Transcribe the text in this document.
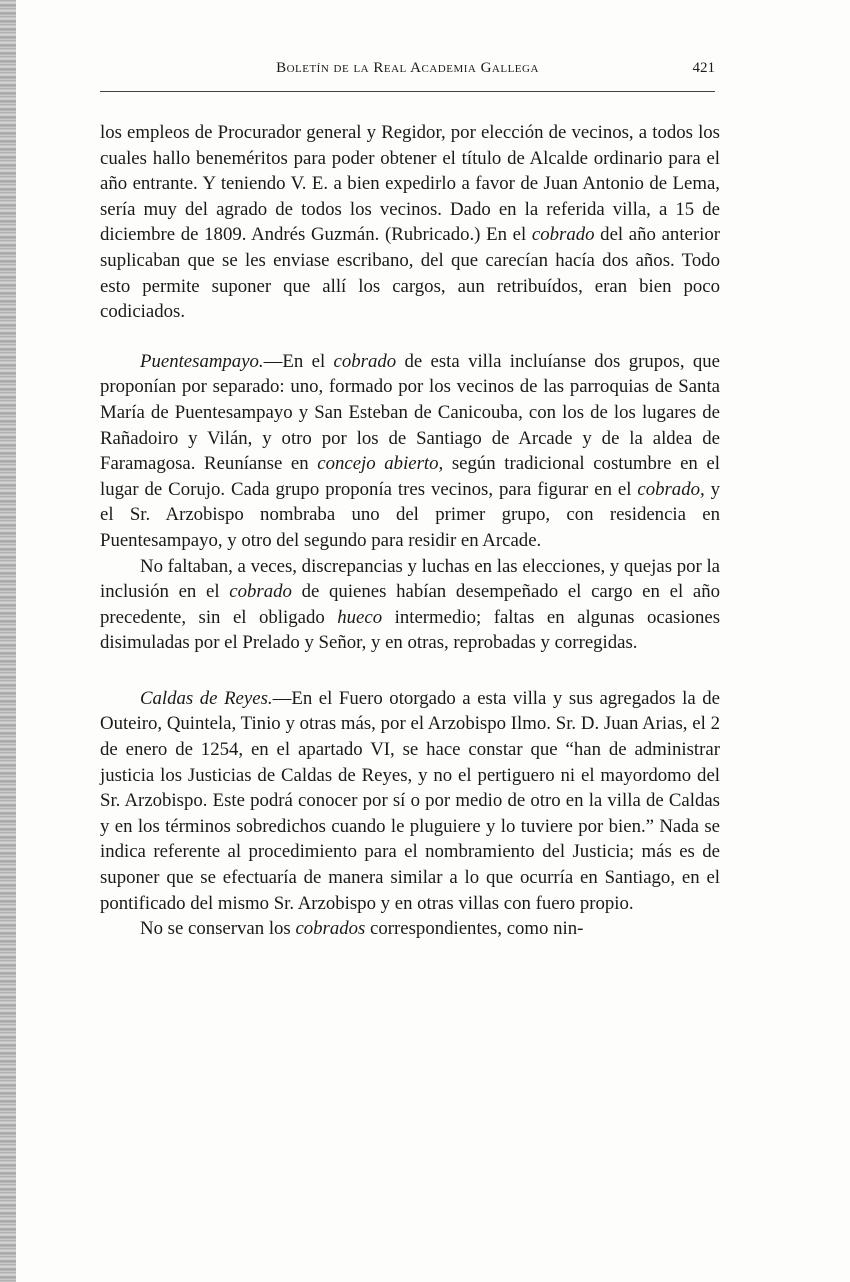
Boletín de la Real Academia Gallega	421

los empleos de Procurador general y Regidor, por elección de vecinos, a todos los cuales hallo beneméritos para poder obtener el título de Alcalde ordinario para el año entrante. Y teniendo V. E. a bien expedirlo a favor de Juan Antonio de Lema, sería muy del agrado de todos los vecinos. Dado en la referida villa, a 15 de diciembre de 1809. Andrés Guzmán. (Rubricado.) En el cobrado del año anterior suplicaban que se les enviase escribano, del que carecían hacía dos años. Todo esto permite suponer que allí los cargos, aun retribuídos, eran bien poco codiciados.

Puentesampayo.—En el cobrado de esta villa incluíanse dos grupos, que proponían por separado: uno, formado por los vecinos de las parroquias de Santa María de Puentesampayo y San Esteban de Canicouba, con los de los lugares de Rañadoiro y Vilán, y otro por los de Santiago de Arcade y de la aldea de Faramagosa. Reuníanse en concejo abierto, según tradicional costumbre en el lugar de Corujo. Cada grupo proponía tres vecinos, para figurar en el cobrado, y el Sr. Arzobispo nombraba uno del primer grupo, con residencia en Puentesampayo, y otro del segundo para residir en Arcade.

No faltaban, a veces, discrepancias y luchas en las elecciones, y quejas por la inclusión en el cobrado de quienes habían desempeñado el cargo en el año precedente, sin el obligado hueco intermedio; faltas en algunas ocasiones disimuladas por el Prelado y Señor, y en otras, reprobadas y corregidas.

Caldas de Reyes.—En el Fuero otorgado a esta villa y sus agregados la de Outeiro, Quintela, Tinio y otras más, por el Arzobispo Ilmo. Sr. D. Juan Arias, el 2 de enero de 1254, en el apartado VI, se hace constar que “han de administrar justicia los Justicias de Caldas de Reyes, y no el pertiguero ni el mayordomo del Sr. Arzobispo. Este podrá conocer por sí o por medio de otro en la villa de Caldas y en los términos sobredichos cuando le pluguiere y lo tuviere por bien.” Nada se indica referente al procedimiento para el nombramiento del Justicia; más es de suponer que se efectuaría de manera similar a lo que ocurría en Santiago, en el pontificado del mismo Sr. Arzobispo y en otras villas con fuero propio.

No se conservan los cobrados correspondientes, como nin-
